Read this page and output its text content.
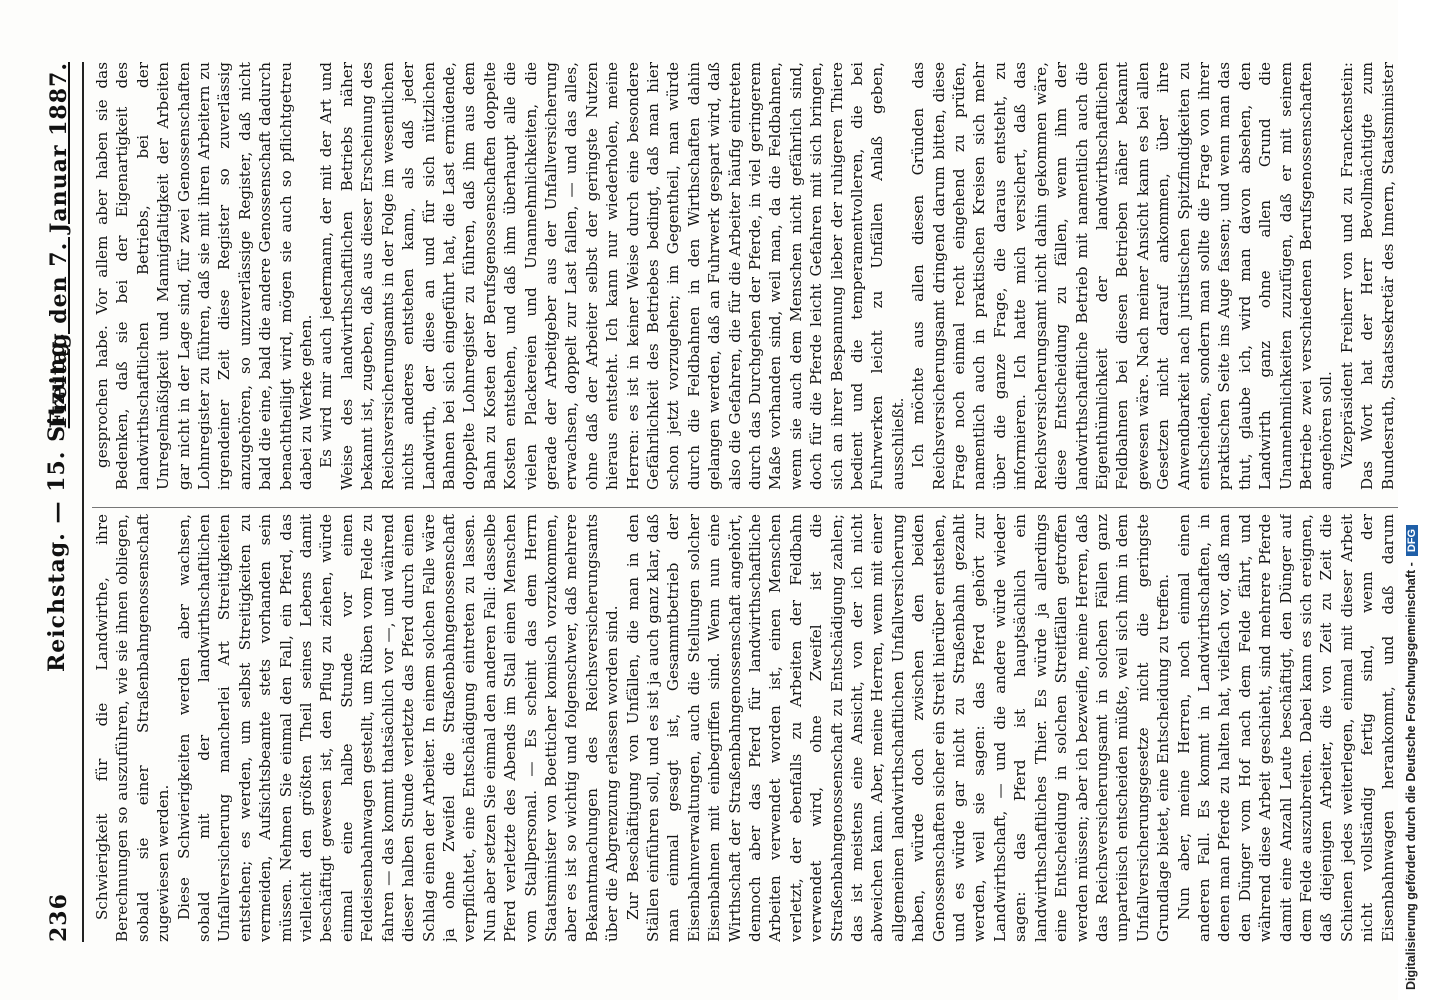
236
Reichstag. — 15. Sitzung.
Freitag den 7. Januar 1887.

Schwierigkeit für die Landwirthe, ihre Berechnungen so auszuführen, wie sie ihnen obliegen, sobald sie einer Straßenbahngenossenschaft zugewiesen werden. Diese Schwierigkeiten werden aber wachsen, sobald mit der landwirthschaftlichen Unfallversicherung mancherlei Art Streitigkeiten entstehen; es werden, um selbst Streitigkeiten zu vermeiden, Aufsichtsbeamte stets vorhanden sein müssen. Nehmen Sie einmal den Fall, ein Pferd, das vielleicht den größten Theil seines Lebens damit beschäftigt gewesen ist, den Pflug zu ziehen, würde einmal eine halbe Stunde vor einen Feldeisenbahnwagen gestellt, um Rüben vom Felde zu fahren — das kommt thatsächlich vor —, und während dieser halben Stunde verletzte das Pferd durch einen Schlag einen der Arbeiter. In einem solchen Falle wäre ja ohne Zweifel die Straßenbahngenossenschaft verpflichtet, eine Entschädigung eintreten zu lassen. Nun aber setzen Sie einmal den anderen Fall: dasselbe Pferd verletzte des Abends im Stall einen Menschen vom Stallpersonal. — Es scheint das dem Herrn Staatsminister von Boetticher komisch vorzukommen, aber es ist so wichtig und folgenschwer, daß mehrere Bekanntmachungen des Reichsversicherungsamts über die Abgrenzung erlassen worden sind. Zur Beschäftigung von Unfällen, die man in den Ställen einführen soll, und es ist ja auch ganz klar, daß man einmal gesagt ist, Gesammtbetrieb der Eisenbahnverwaltungen, auch die Stellungen solcher Eisenbahnen mit einbegriffen sind. Wenn nun eine Wirthschaft der Straßenbahngenossenschaft angehört, dennoch aber das Pferd für landwirthschaftliche Arbeiten verwendet worden ist, einen Menschen verletzt, der ebenfalls zu Arbeiten der Feldbahn verwendet wird, ohne Zweifel ist die Straßenbahngenossenschaft zu Entschädigung zahlen; das ist meistens eine Ansicht, von der ich nicht abweichen kann. Aber, meine Herren, wenn mit einer allgemeinen landwirthschaftlichen Unfallversicherung haben, würde doch zwischen den beiden Genossenschaften sicher ein Streit hierüber entstehen, und es würde gar nicht zu Straßenbahn gezahlt werden, weil sie sagen: das Pferd gehört zur Landwirthschaft, — und die andere würde wieder sagen: das Pferd ist hauptsächlich ein landwirthschaftliches Thier. Es würde ja allerdings eine Entscheidung in solchen Streitfällen getroffen werden müssen; aber ich bezweifle, meine Herren, daß das Reichsversicherungsamt in solchen Fällen ganz unparteiisch entscheiden müßte, weil sich ihm in dem Unfallversicherungsgesetze nicht die geringste Grundlage bietet, eine Entscheidung zu treffen. Nun aber, meine Herren, noch einmal einen anderen Fall. Es kommt in Landwirthschaften, in denen man Pferde zu halten hat, vielfach vor, daß man den Dünger vom Hof nach dem Felde fährt, und während diese Arbeit geschieht, sind mehrere Pferde damit eine Anzahl Leute beschäftigt, den Dünger auf dem Felde auszubreiten. Dabei kann es sich ereignen, daß diejenigen Arbeiter, die von Zeit zu Zeit die Schienen jedes weiterlegen, einmal mit dieser Arbeit nicht vollständig fertig sind, wenn der Eisenbahnwagen herankommt, und daß darum

gesprochen habe. Vor allem aber haben sie das Bedenken, daß sie bei der Eigenartigkeit des landwirthschaftlichen Betriebs, bei der Unregelmäßigkeit und Mannigfaltigkeit der Arbeiten gar nicht in der Lage sind, für zwei Genossenschaften Lohnregister zu führen, daß sie mit ihren Arbeitern zu irgendeiner Zeit diese Register so zuverlässig anzugehören, so unzuverlässige Register, daß nicht bald die eine, bald die andere Genossenschaft dadurch benachtheiligt wird, mögen sie auch so pflichtgetreu dabei zu Werke gehen. Es wird mir auch jedermann, der mit der Art und Weise des landwirthschaftlichen Betriebs näher bekannt ist, zugeben, daß aus dieser Erscheinung des Reichsversicherungsamts in der Folge im wesentlichen nichts anderes entstehen kann, als daß jeder Landwirth, der diese an und für sich nützlichen Bahnen bei sich eingeführt hat, die Last ermüdende, doppelte Lohnregister zu führen, daß ihm aus dem Bahn zu Kosten der Berufsgenossenschaften doppelte Kosten entstehen, und daß ihm überhaupt alle die vielen Plackereien und Unannehmlichkeiten, die gerade der Arbeitgeber aus der Unfallversicherung erwachsen, doppelt zur Last fallen, — und das alles, ohne daß der Arbeiter selbst der geringste Nutzen hieraus entsteht. Ich kann nur wiederholen, meine Herren: es ist in keiner Weise durch eine besondere Gefährlichkeit des Betriebes bedingt, daß man hier schon jetzt vorzugehen; im Gegentheil, man würde durch die Feldbahnen in den Wirthschaften dahin gelangen werden, daß an Fuhrwerk gespart wird, daß also die Gefahren, die für die Arbeiter häufig eintreten durch das Durchgehen der Pferde, in viel geringerem Maße vorhanden sind, weil man, da die Feldbahnen, wenn sie auch dem Menschen nicht gefährlich sind, doch für die Pferde leicht Gefahren mit sich bringen, sich an ihrer Bespannung lieber der ruhigeren Thiere bedient und die temperamentvolleren, die bei Fuhrwerken leicht zu Unfällen Anlaß geben, ausschließt. Ich möchte aus allen diesen Gründen das Reichsversicherungsamt dringend darum bitten, diese Frage noch einmal recht eingehend zu prüfen, namentlich auch in praktischen Kreisen sich mehr über die ganze Frage, die daraus entsteht, zu informieren. Ich hatte mich versichert, daß das Reichsversicherungsamt nicht dahin gekommen wäre, diese Entscheidung zu fällen, wenn ihm der landwirthschaftliche Betrieb mit namentlich auch die Eigenthümlichkeit der landwirthschaftlichen Feldbahnen bei diesen Betrieben näher bekannt gewesen wäre. Nach meiner Ansicht kann es bei allen Gesetzen nicht darauf ankommen, über ihre Anwendbarkeit nach juristischen Spitzfindigkeiten zu entscheiden, sondern man sollte die Frage von ihrer praktischen Seite ins Auge fassen; und wenn man das thut, glaube ich, wird man davon absehen, den Landwirth ganz ohne allen Grund die Unannehmlichkeiten zuzufügen, daß er mit seinem Betriebe zwei verschiedenen Berufsgenossenschaften angehören soll. Vizepräsident Freiherr von und zu Franckenstein: Das Wort hat der Herr Bevollmächtigte zum Bundesrath, Staatssekretär des Innern, Staatsminister

Digitalisierung gefördert durch die Deutsche Forschungsgemeinschaft -DFG
